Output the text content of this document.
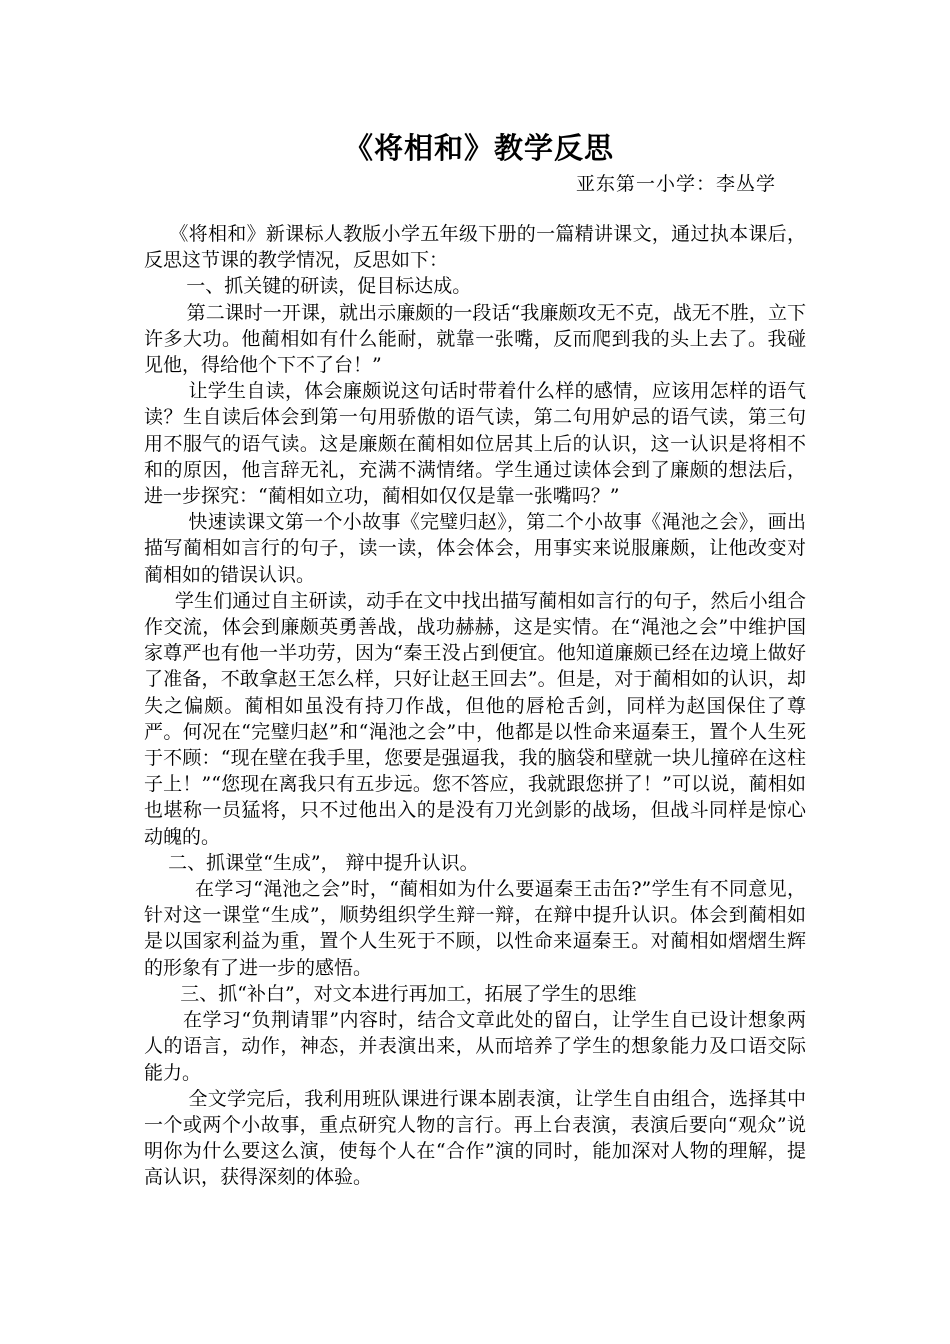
《将相和》教学反思
亚东第一小学：李丛学

《将相和》新课标人教版小学五年级下册的一篇精讲课文，通过执本课后，反思这节课的教学情况，反思如下：

一、抓关键的研读，促目标达成。

第二课时一开课，就出示廉颇的一段话“我廉颇攻无不克，战无不胜，立下许多大功。他蔺相如有什么能耐，就靠一张嘴，反而爬到我的头上去了。我碰见他，得给他个下不了台！”

让学生自读，体会廉颇说这句话时带着什么样的感情，应该用怎样的语气读？生自读后体会到第一句用骄傲的语气读，第二句用妒忌的语气读，第三句用不服气的语气读。这是廉颇在蔺相如位居其上后的认识，这一认识是将相不和的原因，他言辞无礼，充满不满情绪。学生通过读体会到了廉颇的想法后，进一步探究：“蔺相如立功，蔺相如仅仅是靠一张嘴吗？”

快速读课文第一个小故事《完璧归赵》，第二个小故事《渑池之会》，画出描写蔺相如言行的句子，读一读，体会体会，用事实来说服廉颇，让他改变对蔺相如的错误认识。

学生们通过自主研读，动手在文中找出描写蔺相如言行的句子，然后小组合作交流，体会到廉颇英勇善战，战功赫赫，这是实情。在“渑池之会”中维护国家尊严也有他一半功劳，因为“秦王没占到便宜。他知道廉颇已经在边境上做好了准备，不敢拿赵王怎么样，只好让赵王回去”。但是，对于蔺相如的认识，却失之偏颇。蔺相如虽没有持刀作战，但他的唇枪舌剑，同样为赵国保住了尊严。何况在“完璧归赵”和“渑池之会”中，他都是以性命来逼秦王，置个人生死于不顾：“现在壁在我手里，您要是强逼我，我的脑袋和壁就一块儿撞碎在这柱子上！”“您现在离我只有五步远。您不答应，我就跟您拼了！”可以说，蔺相如也堪称一员猛将，只不过他出入的是没有刀光剑影的战场，但战斗同样是惊心动魄的。

二、抓课堂“生成”， 辩中提升认识。

在学习“渑池之会”时，“蔺相如为什么要逼秦王击缶?”学生有不同意见，针对这一课堂“生成”，顺势组织学生辩一辩，在辩中提升认识。体会到蔺相如是以国家利益为重，置个人生死于不顾，以性命来逼秦王。对蔺相如熠熠生辉的形象有了进一步的感悟。

三、抓“补白”，对文本进行再加工，拓展了学生的思维

在学习“负荆请罪”内容时，结合文章此处的留白，让学生自已设计想象两人的语言，动作，神态，并表演出来，从而培养了学生的想象能力及口语交际能力。

全文学完后，我利用班队课进行课本剧表演，让学生自由组合，选择其中一个或两个小故事，重点研究人物的言行。再上台表演，表演后要向“观众”说明你为什么要这么演，使每个人在“合作”演的同时，能加深对人物的理解，提高认识，获得深刻的体验。
